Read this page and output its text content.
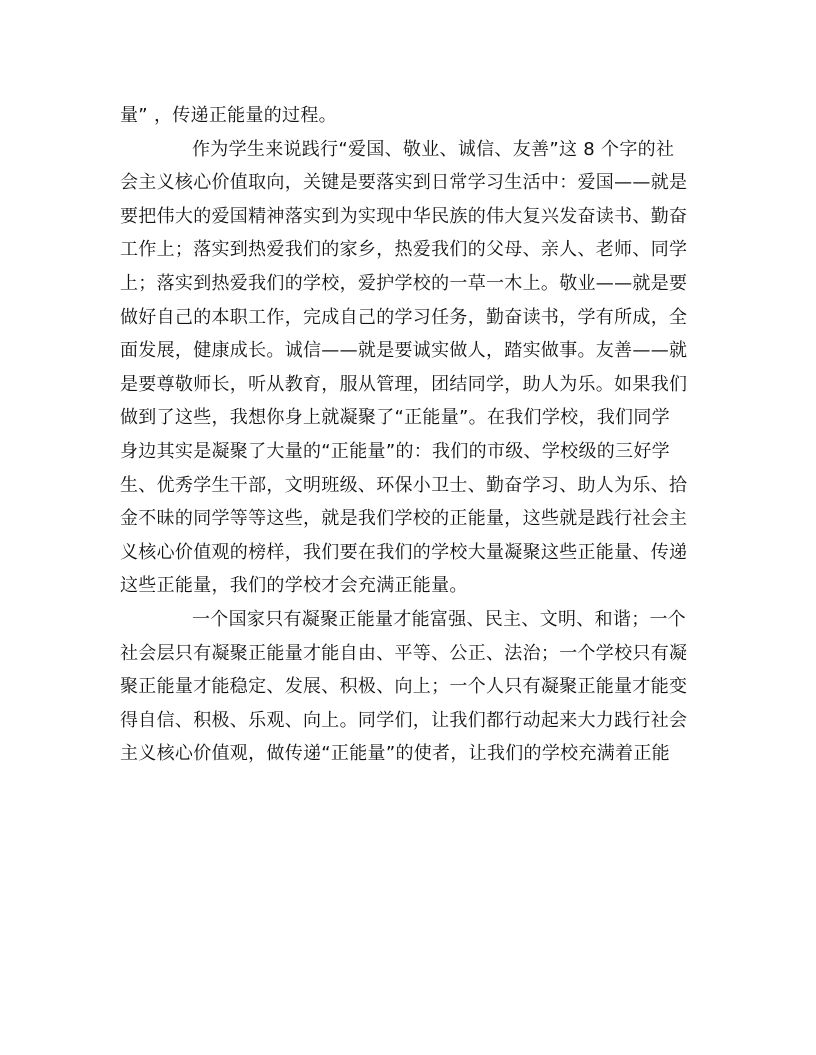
量” ，传递正能量的过程。
作为学生来说践行“爱国、敬业、诚信、友善”这 8 个字的社
会主义核心价值取向，关键是要落实到日常学习生活中：爱国——就是
要把伟大的爱国精神落实到为实现中华民族的伟大复兴发奋读书、勤奋
工作上；落实到热爱我们的家乡，热爱我们的父母、亲人、老师、同学
上；落实到热爱我们的学校，爱护学校的一草一木上。敬业——就是要
做好自己的本职工作，完成自己的学习任务，勤奋读书，学有所成，全
面发展，健康成长。诚信——就是要诚实做人，踏实做事。友善——就
是要尊敬师长，听从教育，服从管理，团结同学，助人为乐。如果我们
做到了这些，我想你身上就凝聚了“正能量”。在我们学校，我们同学
身边其实是凝聚了大量的“正能量”的：我们的市级、学校级的三好学
生、优秀学生干部，文明班级、环保小卫士、勤奋学习、助人为乐、拾
金不昧的同学等等这些，就是我们学校的正能量，这些就是践行社会主
义核心价值观的榜样，我们要在我们的学校大量凝聚这些正能量、传递
这些正能量，我们的学校才会充满正能量。
一个国家只有凝聚正能量才能富强、民主、文明、和谐；一个
社会层只有凝聚正能量才能自由、平等、公正、法治；一个学校只有凝
聚正能量才能稳定、发展、积极、向上；一个人只有凝聚正能量才能变
得自信、积极、乐观、向上。同学们，让我们都行动起来大力践行社会
主义核心价值观，做传递“正能量”的使者，让我们的学校充满着正能
